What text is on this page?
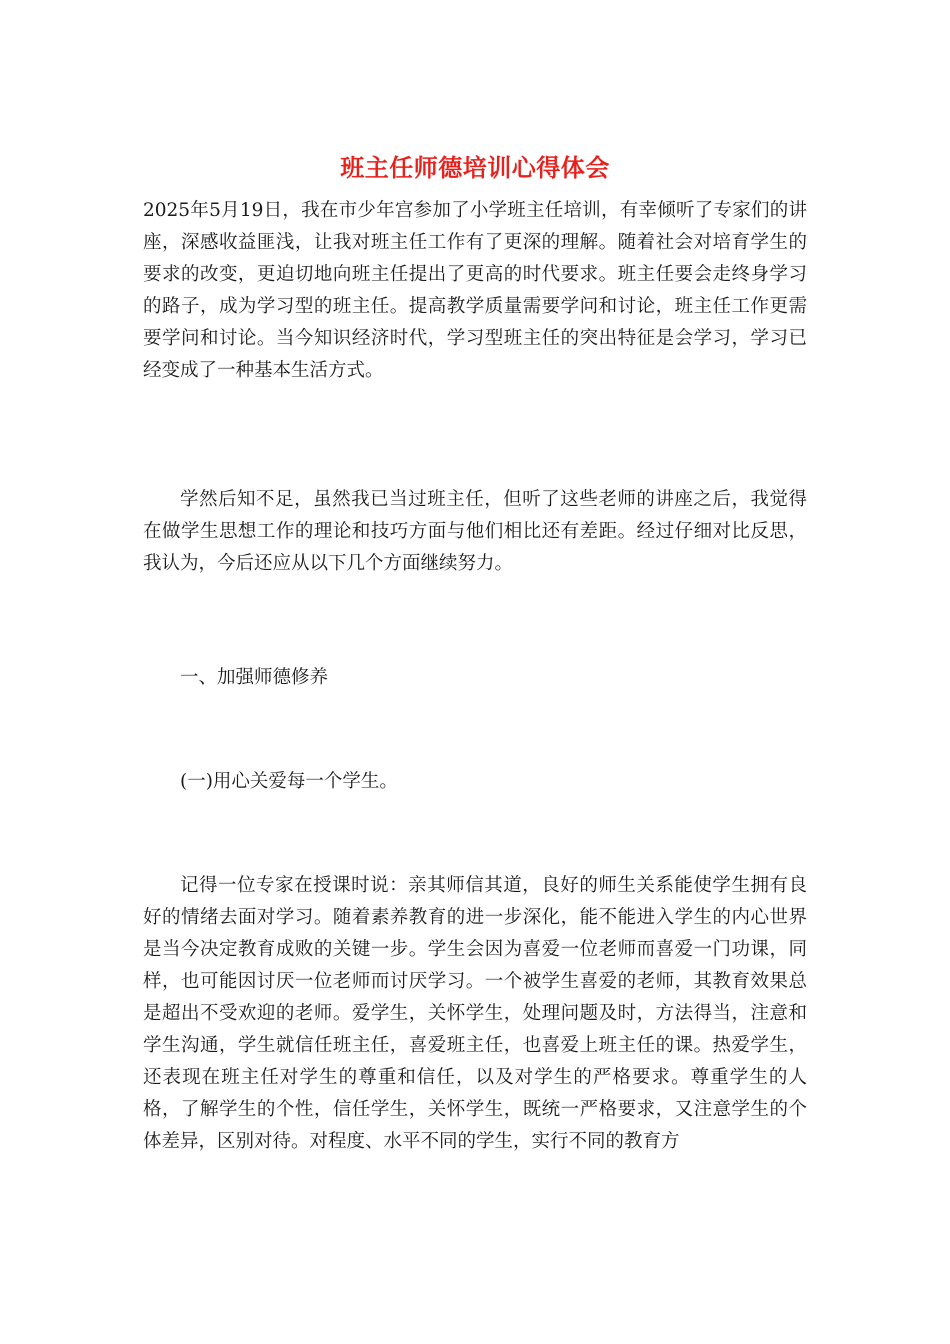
班主任师德培训心得体会

2025年5月19日，我在市少年宫参加了小学班主任培训，有幸倾听了专家们的讲座，深感收益匪浅，让我对班主任工作有了更深的理解。随着社会对培育学生的要求的改变，更迫切地向班主任提出了更高的时代要求。班主任要会走终身学习的路子，成为学习型的班主任。提高教学质量需要学问和讨论，班主任工作更需要学问和讨论。当今知识经济时代，学习型班主任的突出特征是会学习，学习已经变成了一种基本生活方式。

学然后知不足，虽然我已当过班主任，但听了这些老师的讲座之后，我觉得在做学生思想工作的理论和技巧方面与他们相比还有差距。经过仔细对比反思，我认为，今后还应从以下几个方面继续努力。

一、加强师德修养

(一)用心关爱每一个学生。

记得一位专家在授课时说：亲其师信其道，良好的师生关系能使学生拥有良好的情绪去面对学习。随着素养教育的进一步深化，能不能进入学生的内心世界是当今决定教育成败的关键一步。学生会因为喜爱一位老师而喜爱一门功课，同样，也可能因讨厌一位老师而讨厌学习。一个被学生喜爱的老师，其教育效果总是超出不受欢迎的老师。爱学生，关怀学生，处理问题及时，方法得当，注意和学生沟通，学生就信任班主任，喜爱班主任，也喜爱上班主任的课。热爱学生，还表现在班主任对学生的尊重和信任，以及对学生的严格要求。尊重学生的人格，了解学生的个性，信任学生，关怀学生，既统一严格要求，又注意学生的个体差异，区别对待。对程度、水平不同的学生，实行不同的教育方
